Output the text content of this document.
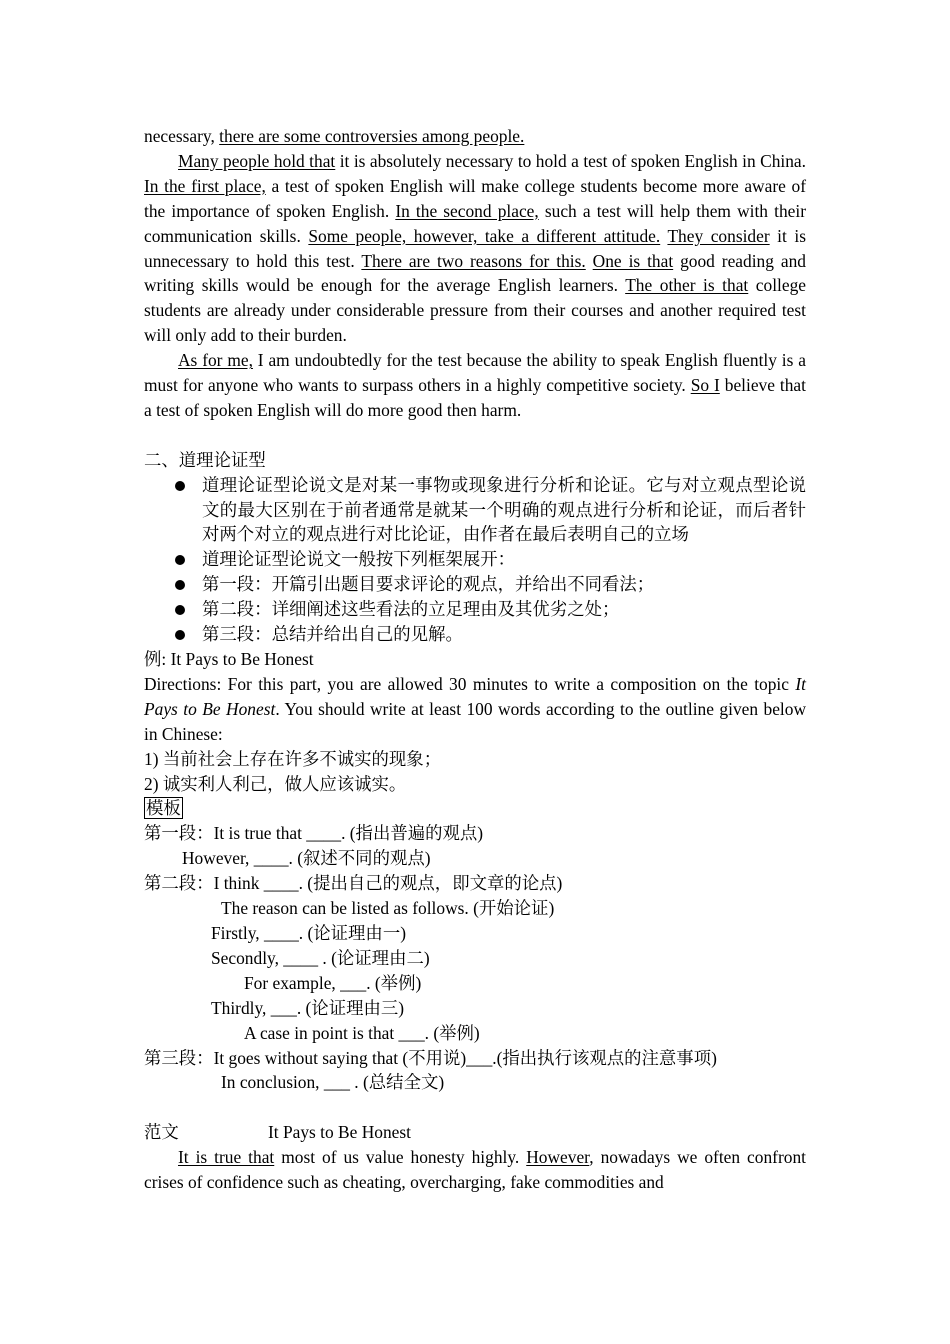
necessary, there are some controversies among people.

Many people hold that it is absolutely necessary to hold a test of spoken English in China. In the first place, a test of spoken English will make college students become more aware of the importance of spoken English. In the second place, such a test will help them with their communication skills. Some people, however, take a different attitude. They consider it is unnecessary to hold this test. There are two reasons for this. One is that good reading and writing skills would be enough for the average English learners. The other is that college students are already under considerable pressure from their courses and another required test will only add to their burden.

As for me, I am undoubtedly for the test because the ability to speak English fluently is a must for anyone who wants to surpass others in a highly competitive society. So I believe that a test of spoken English will do more good then harm.

二、道理论证型

道理论证型论说文是对某一事物或现象进行分析和论证。它与对立观点型论说文的最大区别在于前者通常是就某一个明确的观点进行分析和论证，而后者针对两个对立的观点进行对比论证，由作者在最后表明自己的立场
道理论证型论说文一般按下列框架展开：
第一段：开篇引出题目要求评论的观点，并给出不同看法；
第二段：详细阐述这些看法的立足理由及其优劣之处；
第三段：总结并给出自己的见解。

例: It Pays to Be Honest

Directions: For this part, you are allowed 30 minutes to write a composition on the topic It Pays to Be Honest. You should write at least 100 words according to the outline given below in Chinese:

1) 当前社会上存在许多不诚实的现象；

2) 诚实利人利己，做人应该诚实。

模板

第一段：It is true that ____. (指出普遍的观点)
However, ____. (叙述不同的观点)
第二段：I think ____. (提出自己的观点，即文章的论点)
The reason can be listed as follows. (开始论证)
Firstly, ____. (论证理由一)
Secondly, ____ . (论证理由二)
For example, ___. (举例)
Thirdly, ___. (论证理由三)
A case in point is that ___. (举例)
第三段：It goes without saying that (不用说)___.(指出执行该观点的注意事项)
In conclusion, ___ . (总结全文)

范文	It Pays to Be Honest

It is true that most of us value honesty highly. However, nowadays we often confront crises of confidence such as cheating, overcharging, fake commodities and
